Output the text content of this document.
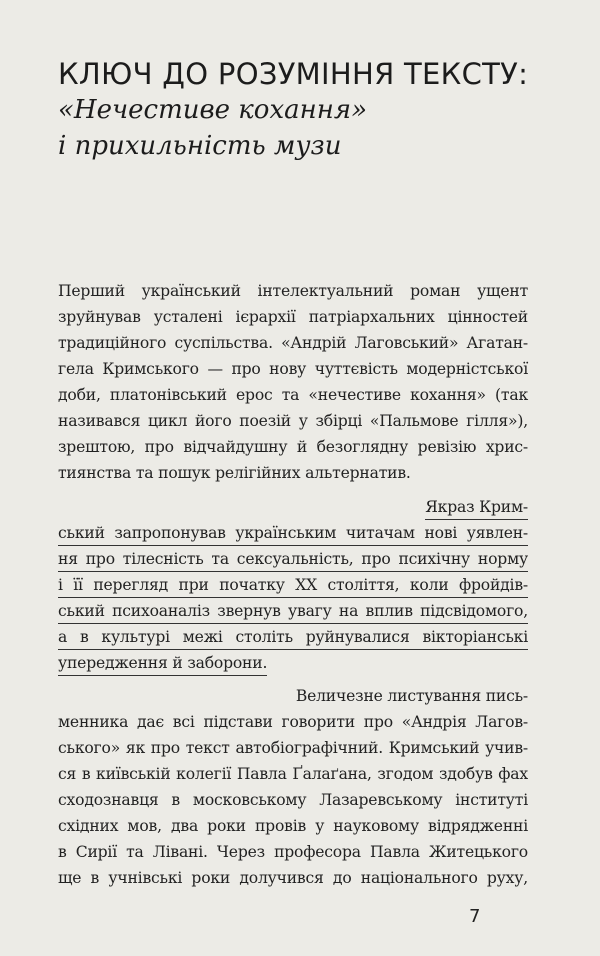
КЛЮЧ ДО РОЗУМІННЯ ТЕКСТУ:
«Нечестиве кохання»
і прихильність музи
Перший український інтелектуальний роман ущент
зруйнував усталені ієрархії патріархальних цінностей
традиційного суспільства. «Андрій Лаговський» Агатан-
гела Кримського — про нову чуттєвість модерністської
доби, платонівський ерос та «нечестиве кохання» (так
називався цикл його поезій у збірці «Пальмове гілля»),
зрештою, про відчайдушну й безоглядну ревізію хрис-
тиянства та пошук релігійних альтернатив.
Якраз Крим-
ський запропонував українським читачам нові уявлен-
ня про тілесність та сексуальність, про психічну норму
і її перегляд при початку XX століття, коли фройдів-
ський психоаналіз звернув увагу на вплив підсвідомого,
а в культурі межі століть руйнувалися вікторіанські
упередження й заборони.
Величезне листування пись-
менника дає всі підстави говорити про «Андрія Лагов-
ського» як про текст автобіографічний. Кримський учив-
ся в київській колегії Павла Ґалаґана, згодом здобув фах
сходознавця в московському Лазаревському інституті
східних мов, два роки провів у науковому відрядженні
в Сирії та Лівані. Через професора Павла Житецького
ще в учнівські роки долучився до національного руху,
7
